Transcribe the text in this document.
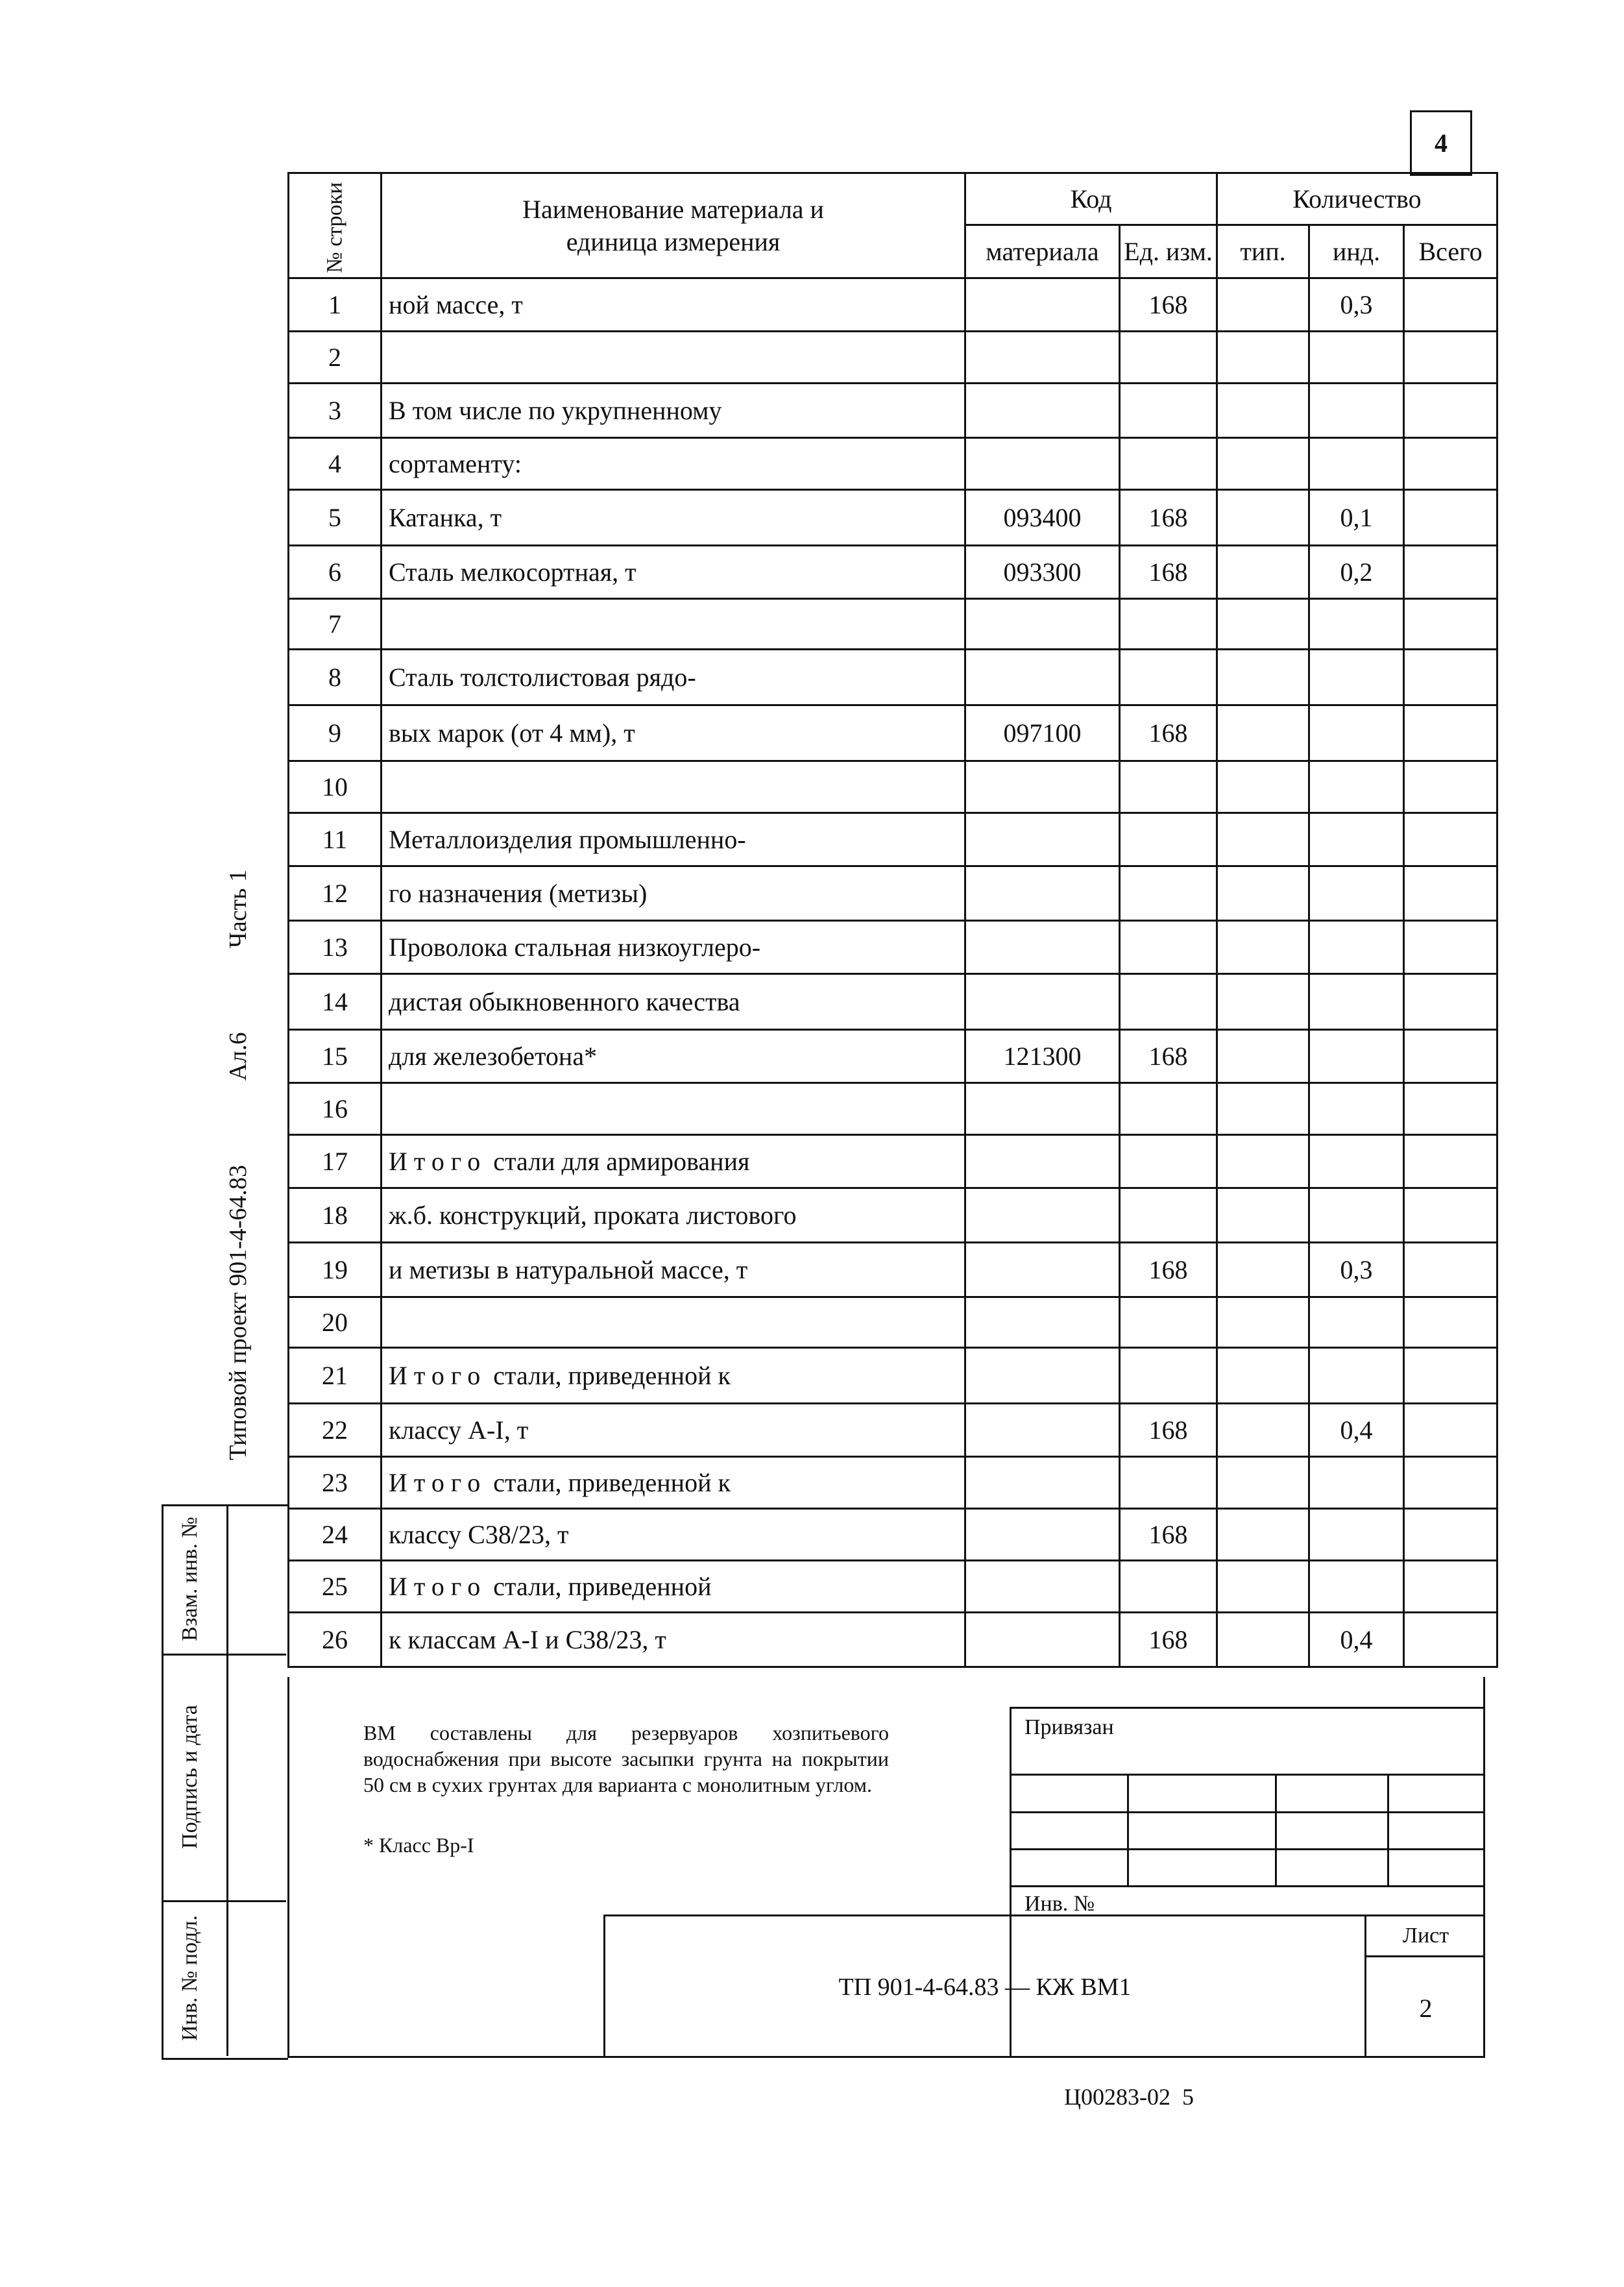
4
Типовой проект 901-4-64.83
Ал.6
Часть 1
№ строки	Наименование материала и единица измерения	Код		Количество		
		материала	Ед. изм.	тип.	инд.	Всего
1	ной массе, т		168		0,3	
2						
3	В том числе по укрупненному					
4	сортаменту:					
5	Катанка, т	093400	168		0,1	
6	Сталь мелкосортная, т	093300	168		0,2	
7						
8	Сталь толстолистовая рядо-					
9	вых марок (от 4 мм), т	097100	168			
10						
11	Металлоизделия промышленно-					
12	го назначения (метизы)					
13	Проволока стальная низкоуглеро-					
14	дистая обыкновенного качества					
15	для железобетона*	121300	168			
16						
17	Итого стали для армирования					
18	ж.б. конструкций, проката листового					
19	и метизы в натуральной массе, т		168		0,3	
20						
21	Итого стали, приведенной к					
22	классу А-I, т		168		0,4	
23	Итого стали, приведенной к					
24	классу С38/23, т		168			
25	Итого стали, приведенной					
26	к классам А-I и С38/23, т		168		0,4	
Взам. инв. №
Подпись и дата
Инв. № подл.
ВМ составлены для резервуаров хозпитьевого водоснабжения при высоте засыпки грунта на покрытии 50 см в сухих грунтах для варианта с монолитным углом.
* Класс Вр-I
Привязан
Инв. №
ТП 901-4-64.83 — КЖ ВМ1
Лист
2
Ц00283-02  5
